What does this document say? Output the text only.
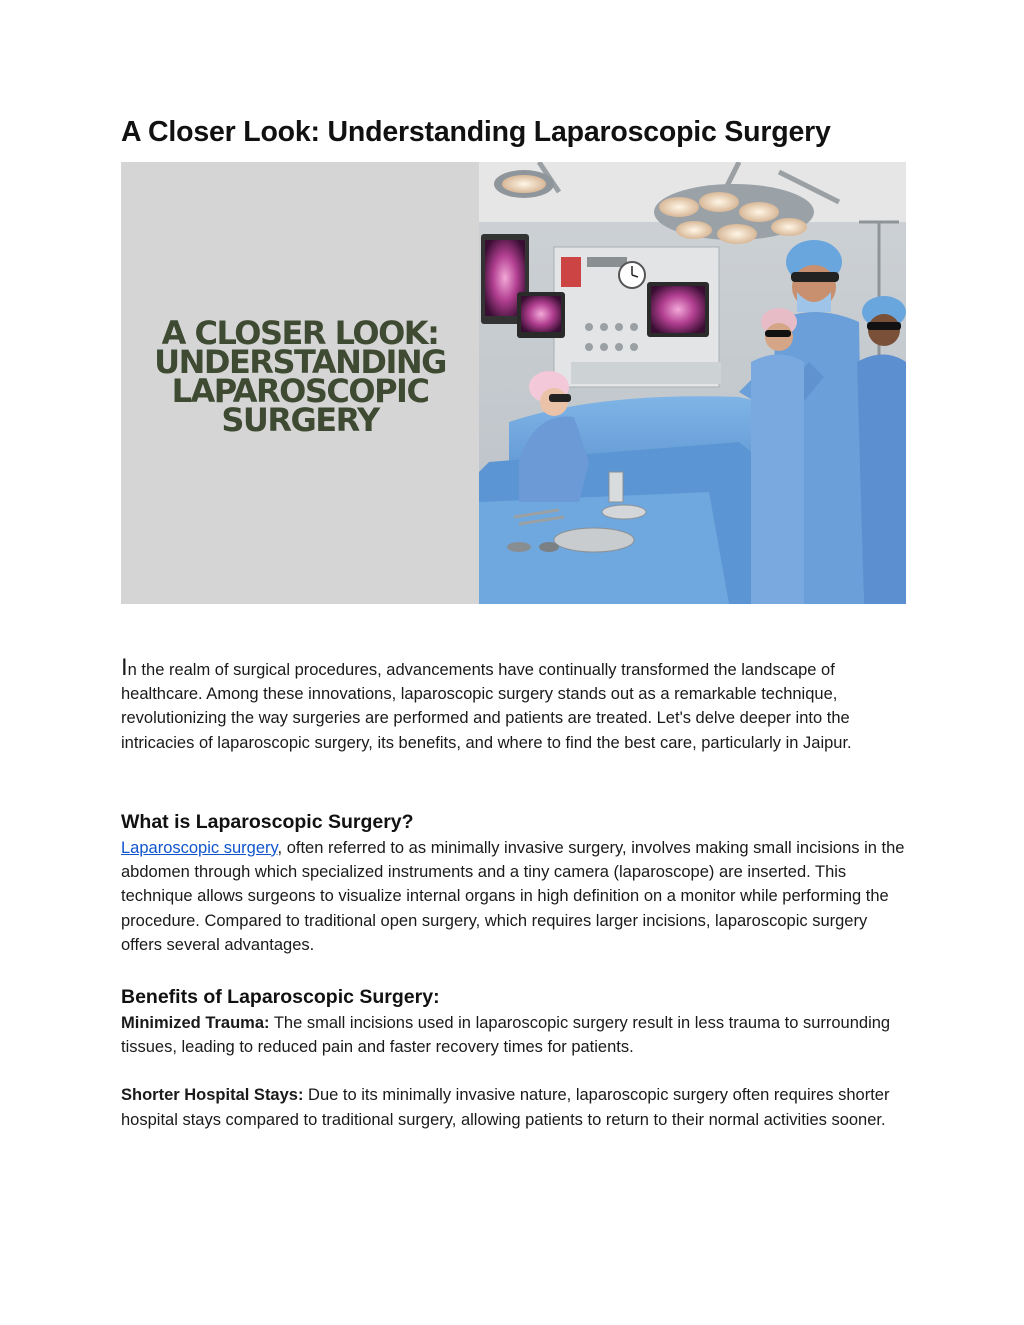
A Closer Look: Understanding Laparoscopic Surgery
A CLOSER LOOK: UNDERSTANDING LAPAROSCOPIC SURGERY

In the realm of surgical procedures, advancements have continually transformed the landscape of healthcare. Among these innovations, laparoscopic surgery stands out as a remarkable technique, revolutionizing the way surgeries are performed and patients are treated. Let's delve deeper into the intricacies of laparoscopic surgery, its benefits, and where to find the best care, particularly in Jaipur.

What is Laparoscopic Surgery?

Laparoscopic surgery, often referred to as minimally invasive surgery, involves making small incisions in the abdomen through which specialized instruments and a tiny camera (laparoscope) are inserted. This technique allows surgeons to visualize internal organs in high definition on a monitor while performing the procedure. Compared to traditional open surgery, which requires larger incisions, laparoscopic surgery offers several advantages.

Benefits of Laparoscopic Surgery:

Minimized Trauma: The small incisions used in laparoscopic surgery result in less trauma to surrounding tissues, leading to reduced pain and faster recovery times for patients.

Shorter Hospital Stays: Due to its minimally invasive nature, laparoscopic surgery often requires shorter hospital stays compared to traditional surgery, allowing patients to return to their normal activities sooner.
